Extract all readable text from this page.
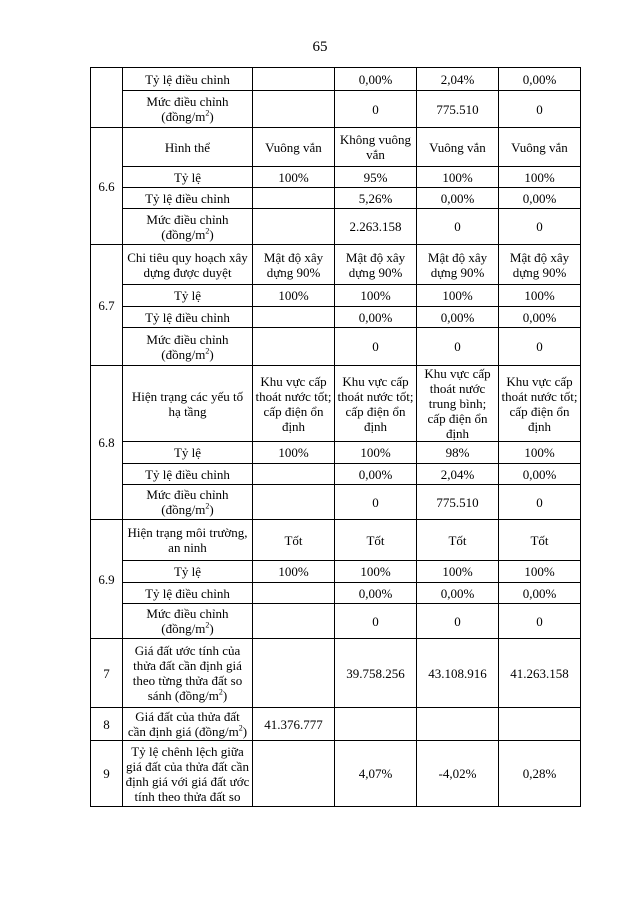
65
	Tỷ lệ điều chỉnh		0,00%	2,04%	0,00%
	Mức điều chỉnh $(đồng/m^2)$		0	775.510	0
6.6	Hình thể	Vuông vắn	Không vuông vắn	Vuông vắn	Vuông vắn
	Tỷ lệ	100%	95%	100%	100%
	Tỷ lệ điều chỉnh		5,26%	0,00%	0,00%
	Mức điều chỉnh $(đồng/m^2)$		2.263.158	0	0
6.7	Chi tiêu quy hoạch xây dựng được duyệt	Mật độ xây dựng 90%	Mật độ xây dựng 90%	Mật độ xây dựng 90%	Mật độ xây dựng 90%
	Tỷ lệ	100%	100%	100%	100%
	Tỷ lệ điều chỉnh		0,00%	0,00%	0,00%
	Mức điều chỉnh $(đồng/m^2)$		0	0	0
6.8	Hiện trạng các yếu tố hạ tầng	Khu vực cấp thoát nước tốt; cấp điện ổn định	Khu vực cấp thoát nước tốt; cấp điện ổn định	Khu vực cấp thoát nước trung bình; cấp điện ổn định	Khu vực cấp thoát nước tốt; cấp điện ổn định
	Tỷ lệ	100%	100%	98%	100%
	Tỷ lệ điều chỉnh		0,00%	2,04%	0,00%
	Mức điều chỉnh $(đồng/m^2)$		0	775.510	0
6.9	Hiện trạng môi trường, an ninh	Tốt	Tốt	Tốt	Tốt
	Tỷ lệ	100%	100%	100%	100%
	Tỷ lệ điều chỉnh		0,00%	0,00%	0,00%
	Mức điều chỉnh $(đồng/m^2)$		0	0	0
7	Giá đất ước tính của thửa đất cần định giá theo từng thửa đất so sánh $(đồng/m^2)$		39.758.256	43.108.916	41.263.158
8	Giá đất của thửa đất cần định giá $(đồng/m^2)$	41.376.777			
9	Tỷ lệ chênh lệch giữa giá đất của thửa đất cần định giá với giá đất ước tính theo thửa đất so		4,07%	-4,02%	0,28%
